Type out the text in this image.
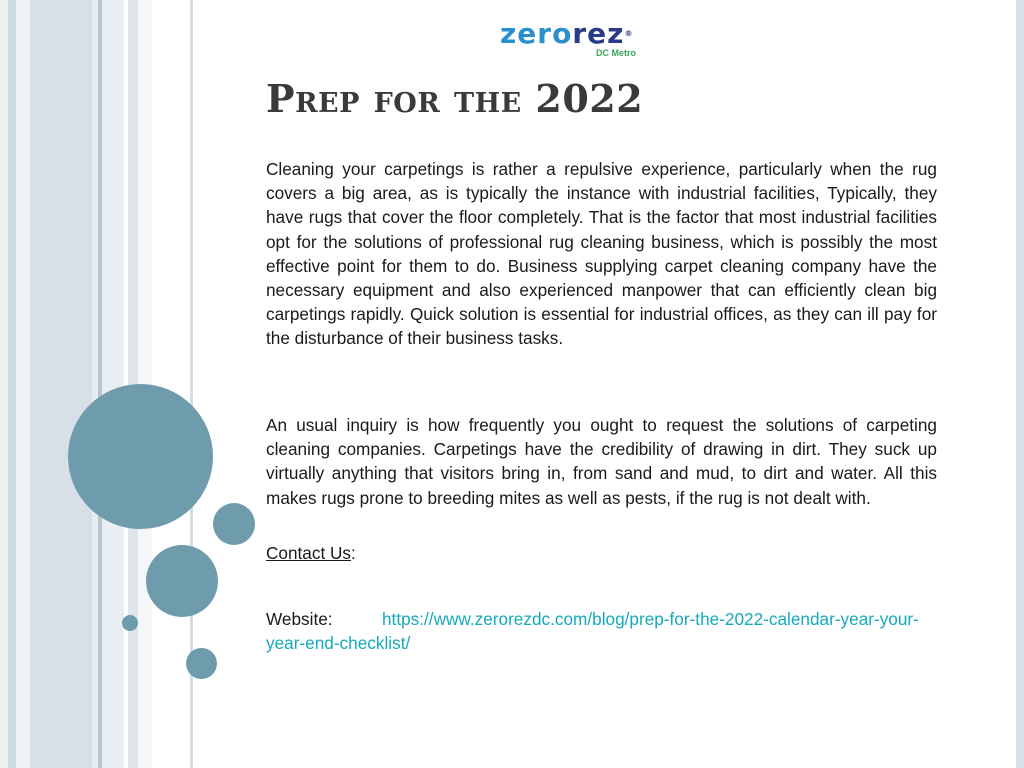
zerorez®
DC Metro
Prep for the 2022

Cleaning your carpetings is rather a repulsive experience, particularly when the rug covers a big area, as is typically the instance with industrial facilities, Typically, they have rugs that cover the floor completely. That is the factor that most industrial facilities opt for the solutions of professional rug cleaning business, which is possibly the most effective point for them to do. Business supplying carpet cleaning company have the necessary equipment and also experienced manpower that can efficiently clean big carpetings rapidly. Quick solution is essential for industrial offices, as they can ill pay for the disturbance of their business tasks.

An usual inquiry is how frequently you ought to request the solutions of carpeting cleaning companies. Carpetings have the credibility of drawing in dirt. They suck up virtually anything that visitors bring in, from sand and mud, to dirt and water. All this makes rugs prone to breeding mites as well as pests, if the rug is not dealt with.

Contact Us:
Website:	https://www.zerorezdc.com/blog/prep-for-the-2022-calendar-year-your-year-end-checklist/
